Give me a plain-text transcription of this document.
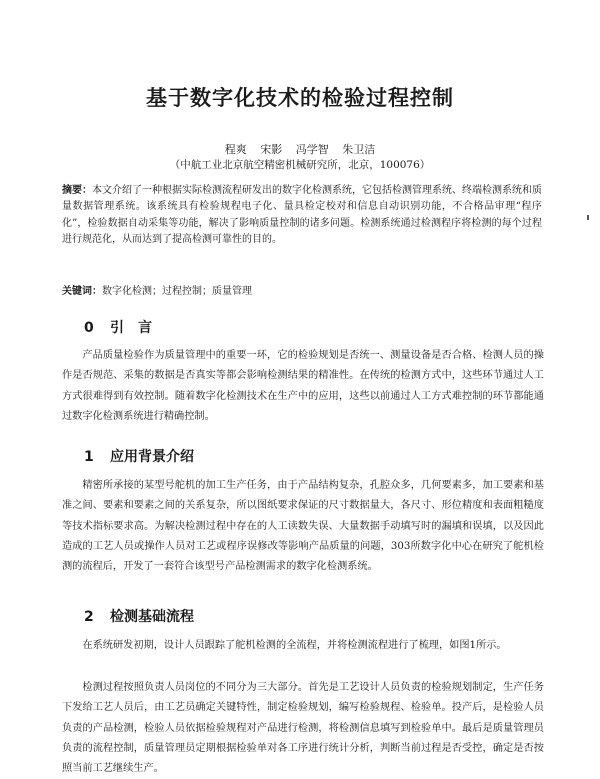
基于数字化技术的检验过程控制
程爽 宋影 冯学智 朱卫洁
（中航工业北京航空精密机械研究所，北京，100076）
摘要：本文介绍了一种根据实际检测流程研发出的数字化检测系统，它包括检测管理系统、终端检测系统和质量数据管理系统。该系统具有检验规程电子化、量具检定校对和信息自动识别功能，不合格品审理“程序化”，检验数据自动采集等功能，解决了影响质量控制的诸多问题。检测系统通过检测程序将检测的每个过程进行规范化，从而达到了提高检测可靠性的目的。
关键词：数字化检测；过程控制；质量管理
0 引　言
产品质量检验作为质量管理中的重要一环，它的检验规划是否统一、测量设备是否合格、检测人员的操作是否规范、采集的数据是否真实等都会影响检测结果的精准性。在传统的检测方式中，这些环节通过人工方式很难得到有效控制。随着数字化检测技术在生产中的应用，这些以前通过人工方式难控制的环节都能通过数字化检测系统进行精确控制。
1 应用背景介绍
精密所承接的某型号舵机的加工生产任务，由于产品结构复杂，孔腔众多，几何要素多，加工要素和基准之间、要素和要素之间的关系复杂，所以图纸要求保证的尺寸数据量大，各尺寸、形位精度和表面粗糙度等技术指标要求高。为解决检测过程中存在的人工读数失误、大量数据手动填写时的漏填和误填，以及因此造成的工艺人员或操作人员对工艺或程序误修改等影响产品质量的问题，303所数字化中心在研究了舵机检测的流程后，开发了一套符合该型号产品检测需求的数字化检测系统。
2 检测基础流程
在系统研发初期，设计人员跟踪了舵机检测的全流程，并将检测流程进行了梳理，如图1所示。
检测过程按照负责人员岗位的不同分为三大部分。首先是工艺设计人员负责的检验规划制定，生产任务下发给工艺人员后，由工艺员确定关键特性，制定检验规划，编写检验规程、检验单。投产后，是检验人员负责的产品检测，检验人员依据检验规程对产品进行检测，将检测信息填写到检验单中。最后是质量管理员负责的流程控制，质量管理员定期根据检验单对各工序进行统计分析，判断当前过程是否受控，确定是否按照当前工艺继续生产。
